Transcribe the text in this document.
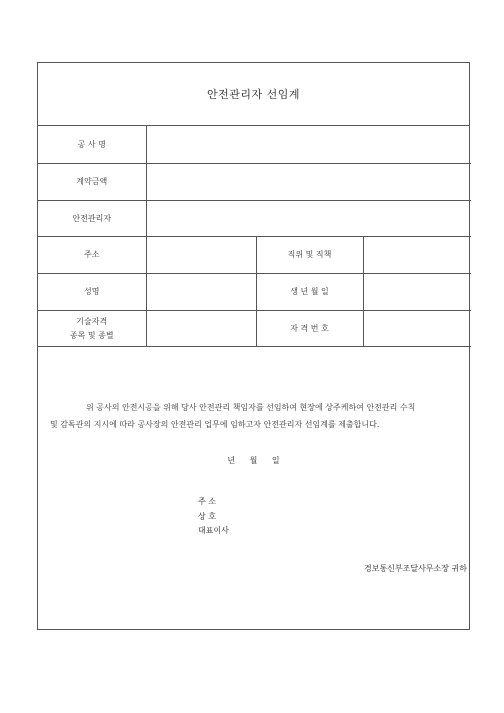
안전관리자 선임계
공 사 명			
계약금액			
안전관리자			
주소		직위 및 직책	
성명		생 년 월 일	

기술자격
종목 및 종별		자 격 번 호	
위 공사의 안전시공을 위해 당사 안전관리 책임자를 선임하여 현장에 상주케하여 안전관리 수칙
및 감독관의 지시에 따라 공사장의 안전관리 업무에 임하고자 안전관리자 선임계를 제출합니다.
년 월 일
주 소
상 호
대표이사
경보통신부조달사무소장 귀하
